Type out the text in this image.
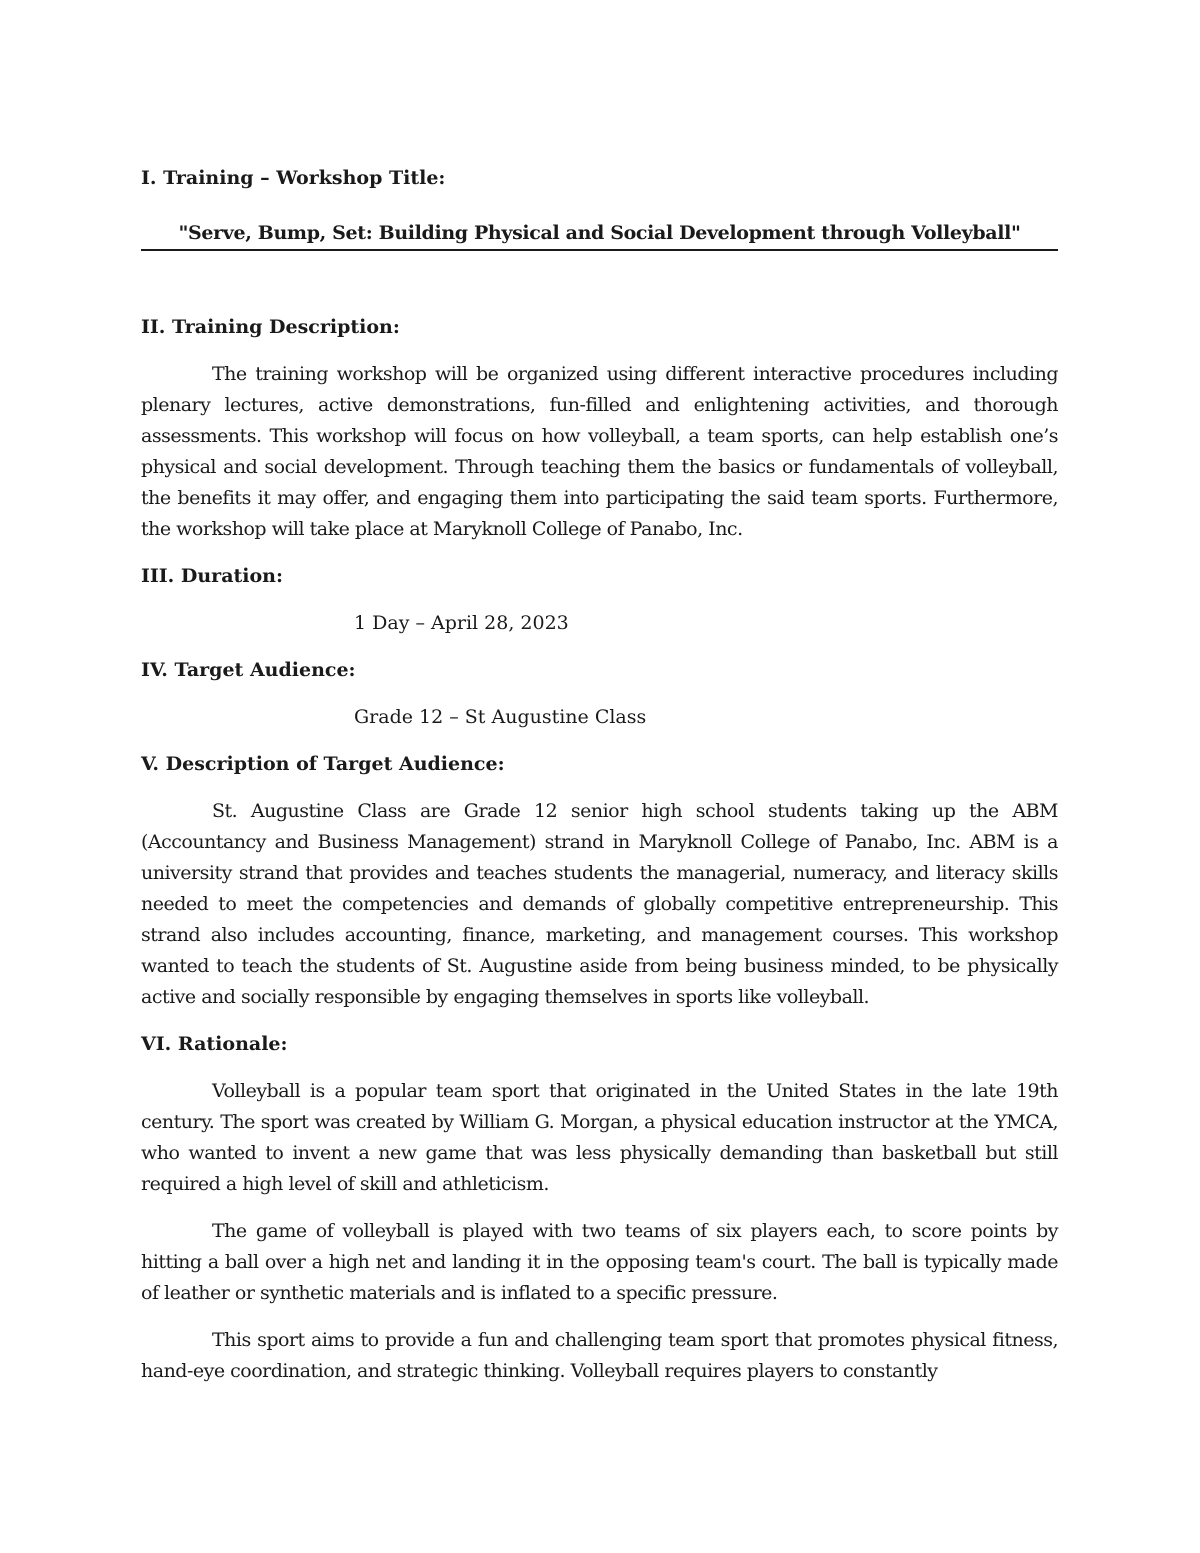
I. Training – Workshop Title:

"Serve, Bump, Set: Building Physical and Social Development through Volleyball"

II. Training Description:

The training workshop will be organized using different interactive procedures including plenary lectures, active demonstrations, fun-filled and enlightening activities, and thorough assessments. This workshop will focus on how volleyball, a team sports, can help establish one’s physical and social development. Through teaching them the basics or fundamentals of volleyball, the benefits it may offer, and engaging them into participating the said team sports. Furthermore, the workshop will take place at Maryknoll College of Panabo, Inc.

III. Duration:

1 Day – April 28, 2023

IV. Target Audience:

Grade 12 – St Augustine Class

V. Description of Target Audience:

St. Augustine Class are Grade 12 senior high school students taking up the ABM (Accountancy and Business Management) strand in Maryknoll College of Panabo, Inc. ABM is a university strand that provides and teaches students the managerial, numeracy, and literacy skills needed to meet the competencies and demands of globally competitive entrepreneurship. This strand also includes accounting, finance, marketing, and management courses. This workshop wanted to teach the students of St. Augustine aside from being business minded, to be physically active and socially responsible by engaging themselves in sports like volleyball.

VI. Rationale:

Volleyball is a popular team sport that originated in the United States in the late 19th century. The sport was created by William G. Morgan, a physical education instructor at the YMCA, who wanted to invent a new game that was less physically demanding than basketball but still required a high level of skill and athleticism.

The game of volleyball is played with two teams of six players each, to score points by hitting a ball over a high net and landing it in the opposing team's court. The ball is typically made of leather or synthetic materials and is inflated to a specific pressure.

This sport aims to provide a fun and challenging team sport that promotes physical fitness, hand-eye coordination, and strategic thinking. Volleyball requires players to constantly
